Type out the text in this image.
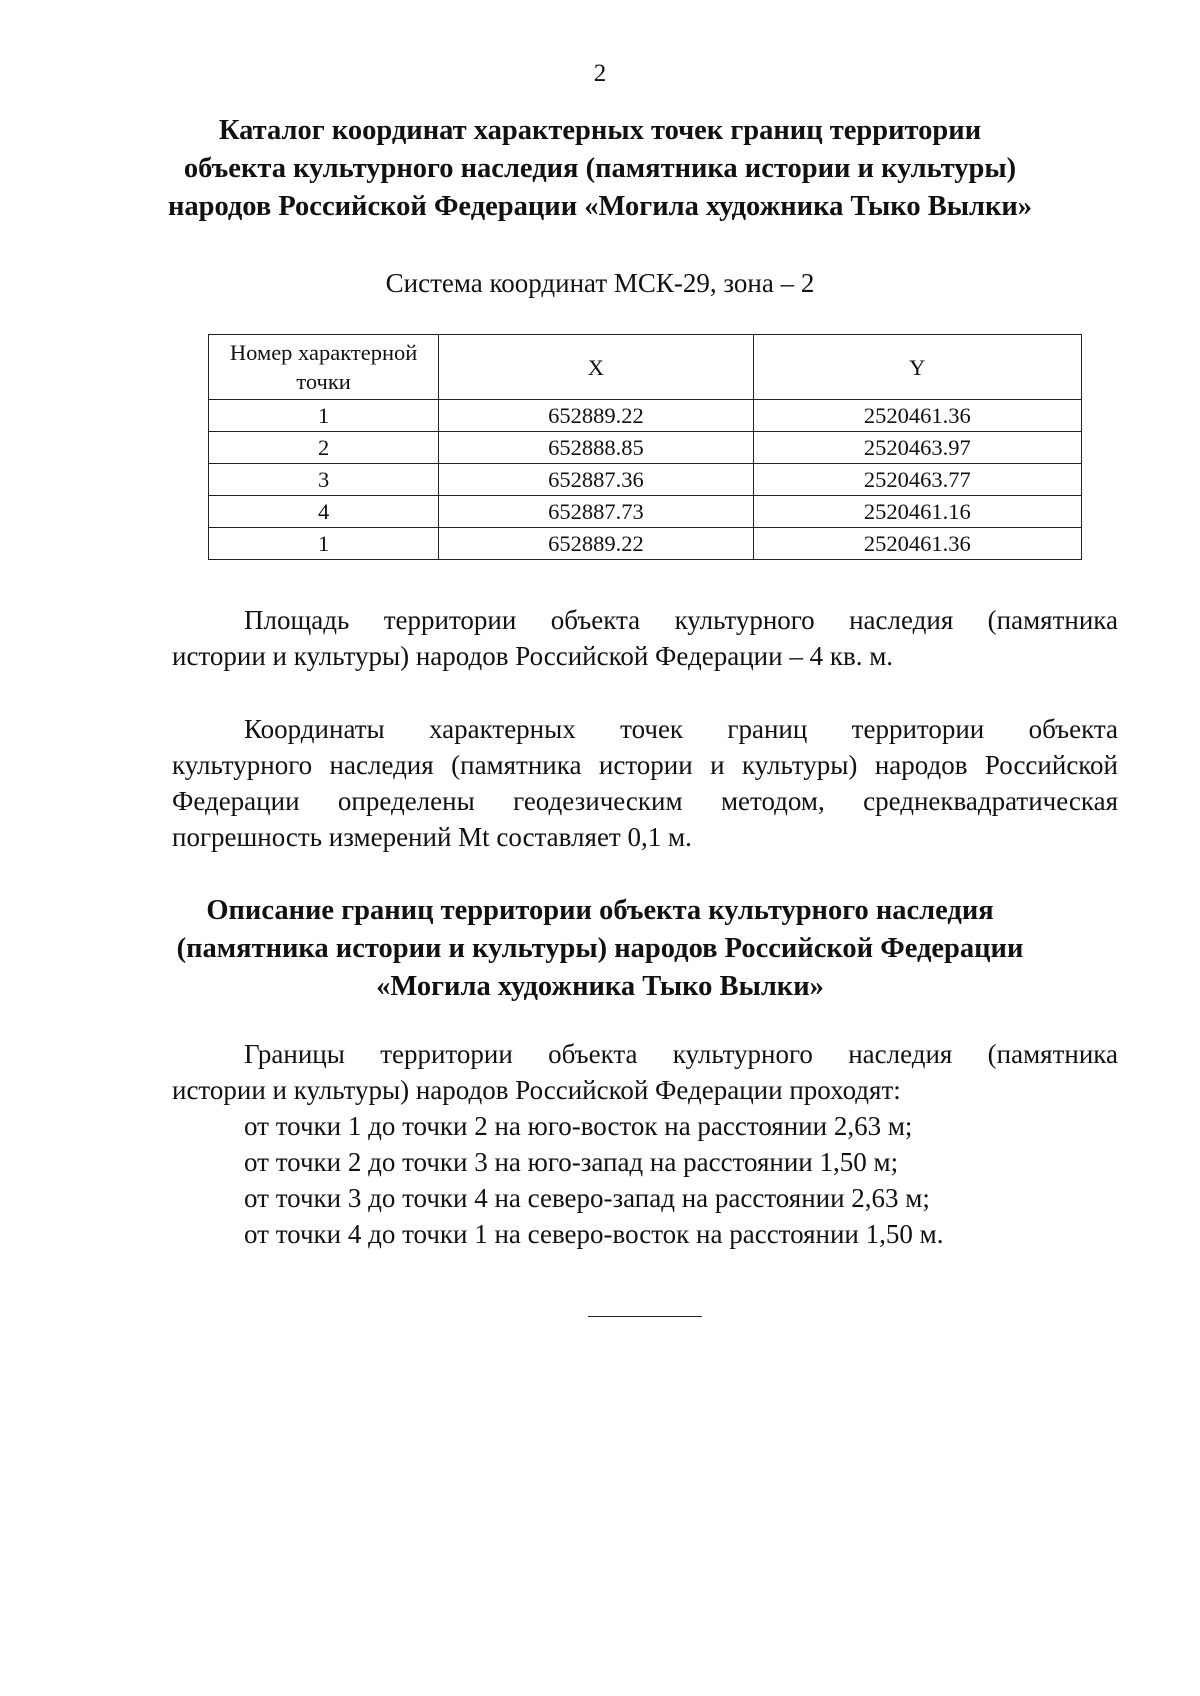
2
Каталог координат характерных точек границ территории
объекта культурного наследия (памятника истории и культуры)
народов Российской Федерации «Могила художника Тыко Вылки»
Система координат МСК-29, зона – 2
Номер характерной точки	X	Y
1	652889.22	2520461.36
2	652888.85	2520463.97
3	652887.36	2520463.77
4	652887.73	2520461.16
1	652889.22	2520461.36
Площадь территории объекта культурного наследия (памятника
истории и культуры) народов Российской Федерации – 4 кв. м.
Координаты характерных точек границ территории объекта
культурного наследия (памятника истории и культуры) народов Российской
Федерации определены геодезическим методом, среднеквадратическая
погрешность измерений Mt составляет 0,1 м.
Описание границ территории объекта культурного наследия
(памятника истории и культуры) народов Российской Федерации
«Могила художника Тыко Вылки»
Границы территории объекта культурного наследия (памятника
истории и культуры) народов Российской Федерации проходят:
от точки 1 до точки 2 на юго-восток на расстоянии 2,63 м;
от точки 2 до точки 3 на юго-запад на расстоянии 1,50 м;
от точки 3 до точки 4 на северо-запад на расстоянии 2,63 м;
от точки 4 до точки 1 на северо-восток на расстоянии 1,50 м.
